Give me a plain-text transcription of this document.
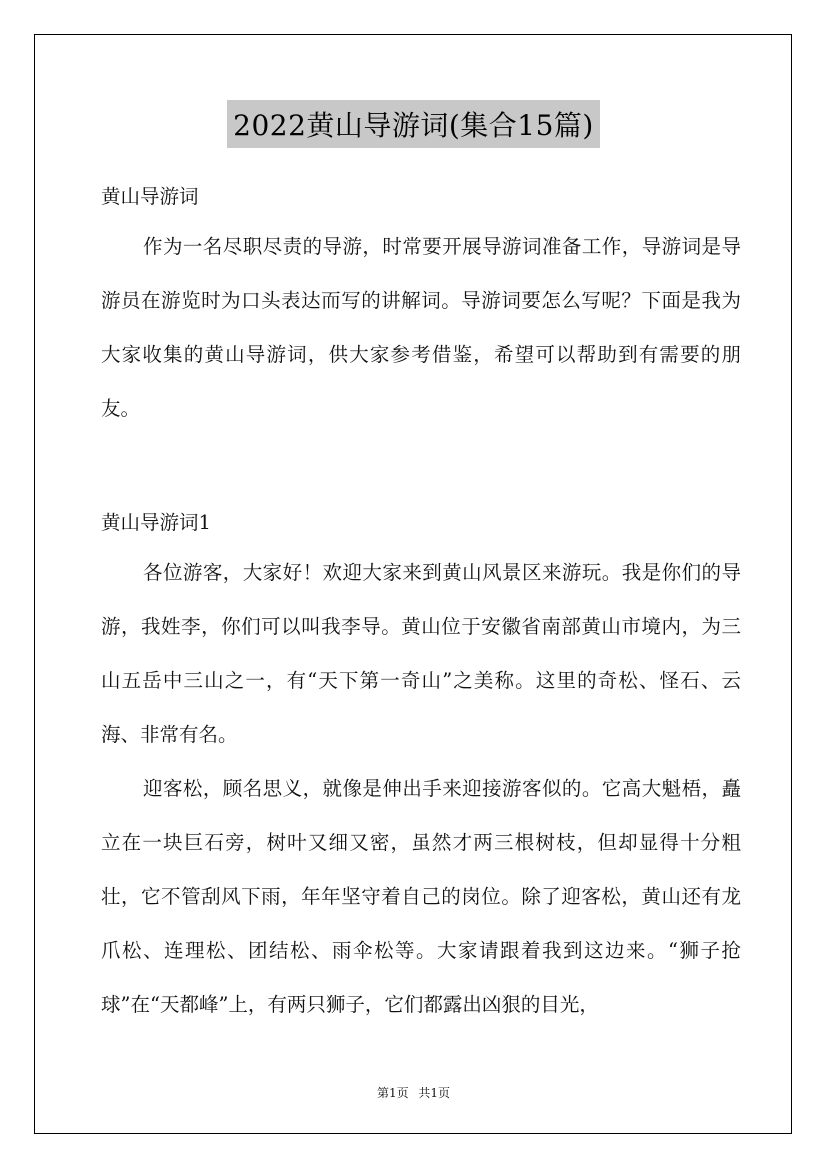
2022黄山导游词(集合15篇)
黄山导游词

作为一名尽职尽责的导游，时常要开展导游词准备工作，导游词是导游员在游览时为口头表达而写的讲解词。导游词要怎么写呢？下面是我为大家收集的黄山导游词，供大家参考借鉴，希望可以帮助到有需要的朋友。

黄山导游词1

各位游客，大家好！欢迎大家来到黄山风景区来游玩。我是你们的导游，我姓李，你们可以叫我李导。黄山位于安徽省南部黄山市境内，为三山五岳中三山之一，有“天下第一奇山”之美称。这里的奇松、怪石、云海、非常有名。

迎客松，顾名思义，就像是伸出手来迎接游客似的。它高大魁梧，矗立在一块巨石旁，树叶又细又密，虽然才两三根树枝，但却显得十分粗壮，它不管刮风下雨，年年坚守着自己的岗位。除了迎客松，黄山还有龙爪松、连理松、团结松、雨伞松等。大家请跟着我到这边来。“狮子抢球”在“天都峰”上，有两只狮子，它们都露出凶狠的目光，

第1页 共1页
